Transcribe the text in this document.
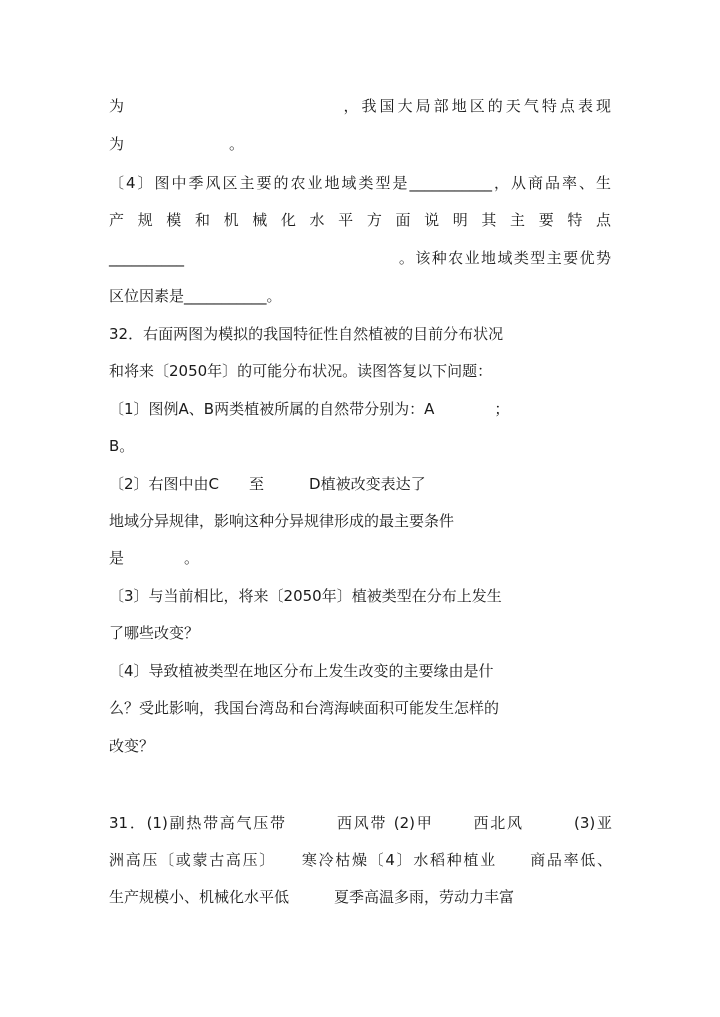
为　　　　　　　　　　　　，我国大局部地区的天气特点表现

为　　　　　　　。

〔4〕图中季风区主要的农业地域类型是___________，从商品率、生

产规模和机械化水平方面说明其主要特点

__________　　　　　　　　　　　　　。该种农业地域类型主要优势

区位因素是___________。

32．右面两图为模拟的我国特征性自然植被的目前分布状况

和将来〔2050年〕的可能分布状况。读图答复以下问题：

〔1〕图例A、B两类植被所属的自然带分别为：A　　　　；

B。

〔2〕右图中由C　　至　　　D植被改变表达了

地域分异规律，影响这种分异规律形成的最主要条件

是　　　　。

〔3〕与当前相比，将来〔2050年〕植被类型在分布上发生

了哪些改变？

〔4〕导致植被类型在地区分布上发生改变的主要缘由是什

么？受此影响，我国台湾岛和台湾海峡面积可能发生怎样的

改变？

31．(1)副热带高气压带　　　西风带 (2)甲　　 西北风　　　(3)亚

洲高压〔或蒙古高压〕　　寒冷枯燥〔4〕水稻种植业　　商品率低、

生产规模小、机械化水平低　　　夏季高温多雨，劳动力丰富
